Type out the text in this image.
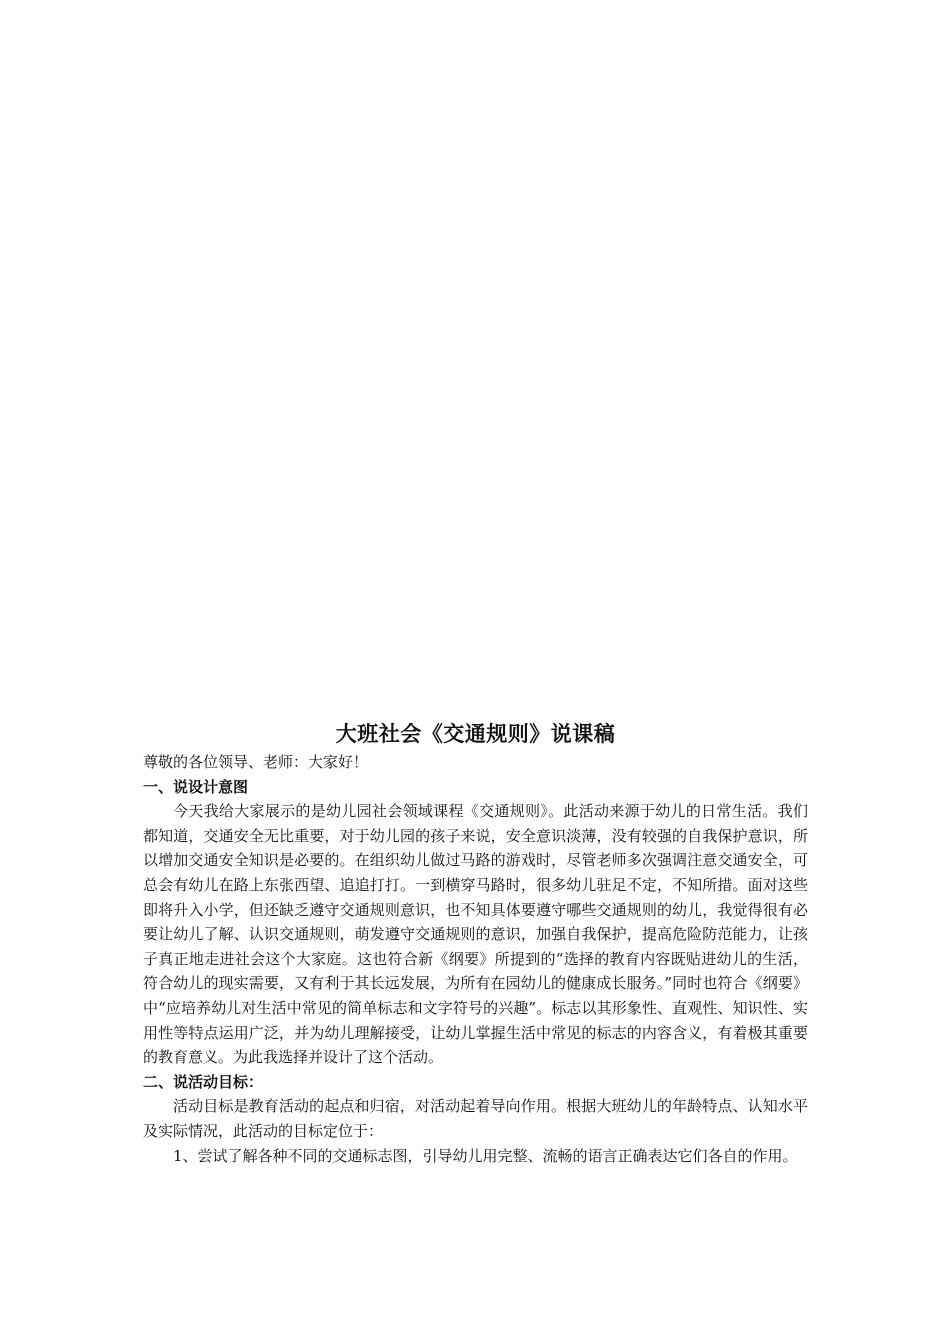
大班社会《交通规则》说课稿

尊敬的各位领导、老师：大家好！

一、说设计意图

今天我给大家展示的是幼儿园社会领域课程《交通规则》。此活动来源于幼儿的日常生活。我们都知道，交通安全无比重要，对于幼儿园的孩子来说，安全意识淡薄，没有较强的自我保护意识，所以增加交通安全知识是必要的。在组织幼儿做过马路的游戏时，尽管老师多次强调注意交通安全，可总会有幼儿在路上东张西望、追追打打。一到横穿马路时，很多幼儿驻足不定，不知所措。面对这些即将升入小学，但还缺乏遵守交通规则意识，也不知具体要遵守哪些交通规则的幼儿，我觉得很有必要让幼儿了解、认识交通规则，萌发遵守交通规则的意识，加强自我保护，提高危险防范能力，让孩子真正地走进社会这个大家庭。这也符合新《纲要》所提到的“选择的教育内容既贴进幼儿的生活，符合幼儿的现实需要，又有利于其长远发展，为所有在园幼儿的健康成长服务。”同时也符合《纲要》中“应培养幼儿对生活中常见的简单标志和文字符号的兴趣”。标志以其形象性、直观性、知识性、实用性等特点运用广泛，并为幼儿理解接受，让幼儿掌握生活中常见的标志的内容含义，有着极其重要的教育意义。为此我选择并设计了这个活动。

二、说活动目标：

活动目标是教育活动的起点和归宿，对活动起着导向作用。根据大班幼儿的年龄特点、认知水平及实际情况，此活动的目标定位于：

1、尝试了解各种不同的交通标志图，引导幼儿用完整、流畅的语言正确表达它们各自的作用。
